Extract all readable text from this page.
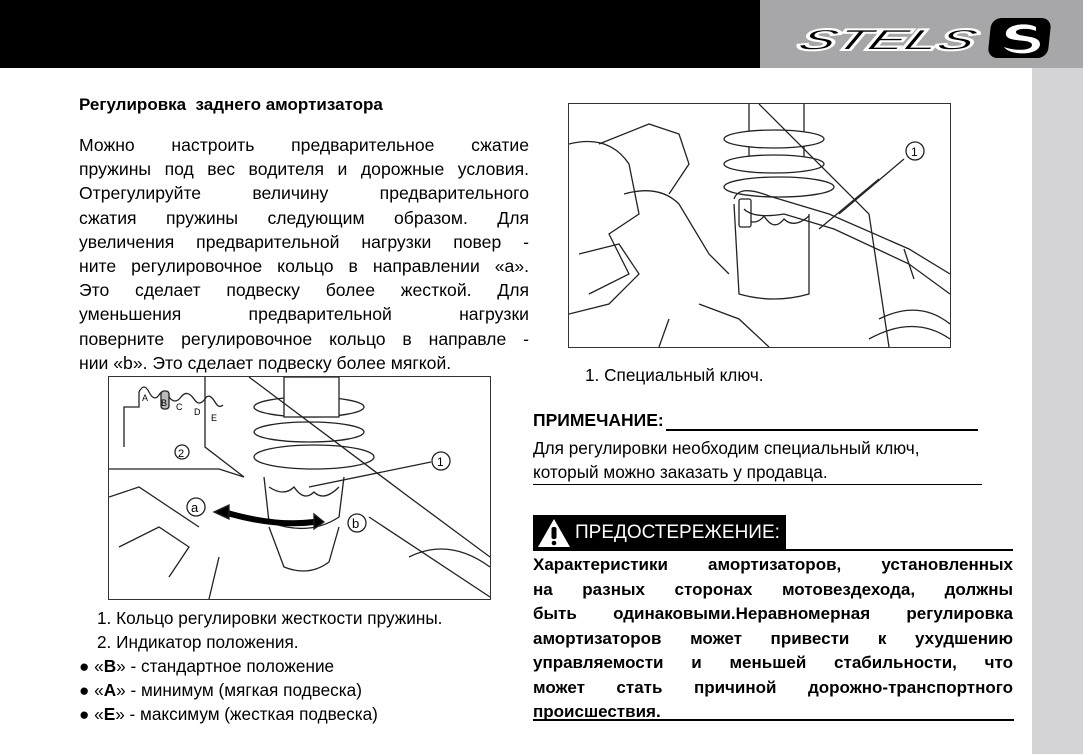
STELS
Регулировка  заднего амортизатора
Можно настроить предварительное сжатие
пружины под вес водителя и дорожные условия.
Отрегулируйте величину предварительного
сжатия пружины следующим образом. Для
увеличения предварительной нагрузки повер -
ните регулировочное кольцо в направлении «a».
Это сделает подвеску более жесткой. Для
уменьшения предварительной нагрузки
поверните регулировочное кольцо в направле -
нии «b». Это сделает подвеску более мягкой.
2
A B C D
E
a
b
1
1. Кольцо регулировки жесткости пружины.
2. Индикатор положения.
● «B» - стандартное положение
● «A» - минимум (мягкая подвеска)
● «E» - максимум (жесткая подвеска)
1
1. Специальный ключ.
ПРИМЕЧАНИЕ:
Для регулировки необходим специальный ключ,
который можно заказать у продавца.
ПРЕДОСТЕРЕЖЕНИЕ:
Характеристики амортизаторов, установленных
на разных сторонах мотовездехода, должны
быть одинаковыми.Неравномерная регулировка
амортизаторов может привести к ухудшению
управляемости и меньшей стабильности, что
может стать причиной дорожно-транспортного
происшествия.
